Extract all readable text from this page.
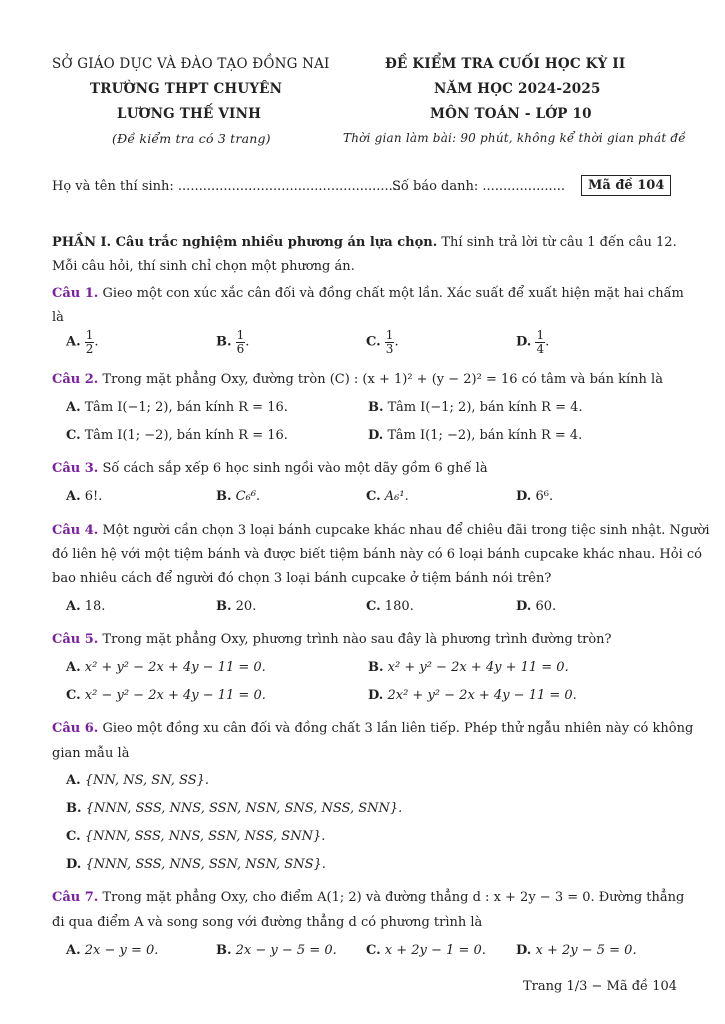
SỞ GIÁO DỤC VÀ ĐÀO TẠO ĐỒNG NAI
TRƯỜNG THPT CHUYÊN
LƯƠNG THẾ VINH
(Đề kiểm tra có 3 trang)
ĐỀ KIỂM TRA CUỐI HỌC KỲ II
NĂM HỌC 2024-2025
MÔN TOÁN - LỚP 10
Thời gian làm bài: 90 phút, không kể thời gian phát đề
Họ và tên thí sinh: ......................................................
Số báo danh: ....................	Mã đề 104
PHẦN I. Câu trắc nghiệm nhiều phương án lựa chọn. Thí sinh trả lời từ câu 1 đến câu 12.
Mỗi câu hỏi, thí sinh chỉ chọn một phương án.
Câu 1. Gieo một con xúc xắc cân đối và đồng chất một lần. Xác suất để xuất hiện mặt hai chấm
là
A. $\frac{1}{2}$ .	B. $\frac{1}{6}$ .	C. $\frac{1}{3}$ .	D. $\frac{1}{4}$ .
Câu 2. Trong mặt phẳng Oxy, đường tròn (C) : (x + 1)² + (y − 2)² = 16 có tâm và bán kính là
A. Tâm I(−1; 2), bán kính R = 16.	B. Tâm I(−1; 2), bán kính R = 4.
C. Tâm I(1; −2), bán kính R = 16.	D. Tâm I(1; −2), bán kính R = 4.
Câu 3. Số cách sắp xếp 6 học sinh ngồi vào một dãy gồm 6 ghế là
A. 6!.	B. C₆⁶.	C. A₆¹.	D. 6⁶.
Câu 4. Một người cần chọn 3 loại bánh cupcake khác nhau để chiêu đãi trong tiệc sinh nhật. Người
đó liên hệ với một tiệm bánh và được biết tiệm bánh này có 6 loại bánh cupcake khác nhau. Hỏi có
bao nhiêu cách để người đó chọn 3 loại bánh cupcake ở tiệm bánh nói trên?
A. 18.	B. 20.	C. 180.	D. 60.
Câu 5. Trong mặt phẳng Oxy, phương trình nào sau đây là phương trình đường tròn?
A. x² + y² − 2x + 4y − 11 = 0.	B. x² + y² − 2x + 4y + 11 = 0.
C. x² − y² − 2x + 4y − 11 = 0.	D. 2x² + y² − 2x + 4y − 11 = 0.
Câu 6. Gieo một đồng xu cân đối và đồng chất 3 lần liên tiếp. Phép thử ngẫu nhiên này có không
gian mẫu là
A. {NN, NS, SN, SS}.
B. {NNN, SSS, NNS, SSN, NSN, SNS, NSS, SNN}.
C. {NNN, SSS, NNS, SSN, NSS, SNN}.
D. {NNN, SSS, NNS, SSN, NSN, SNS}.
Câu 7. Trong mặt phẳng Oxy, cho điểm A(1; 2) và đường thẳng d : x + 2y − 3 = 0. Đường thẳng
đi qua điểm A và song song với đường thẳng d có phương trình là
A. 2x − y = 0.	B. 2x − y − 5 = 0. C. x + 2y − 1 = 0. D. x + 2y − 5 = 0.
Trang 1/3 − Mã đề 104
